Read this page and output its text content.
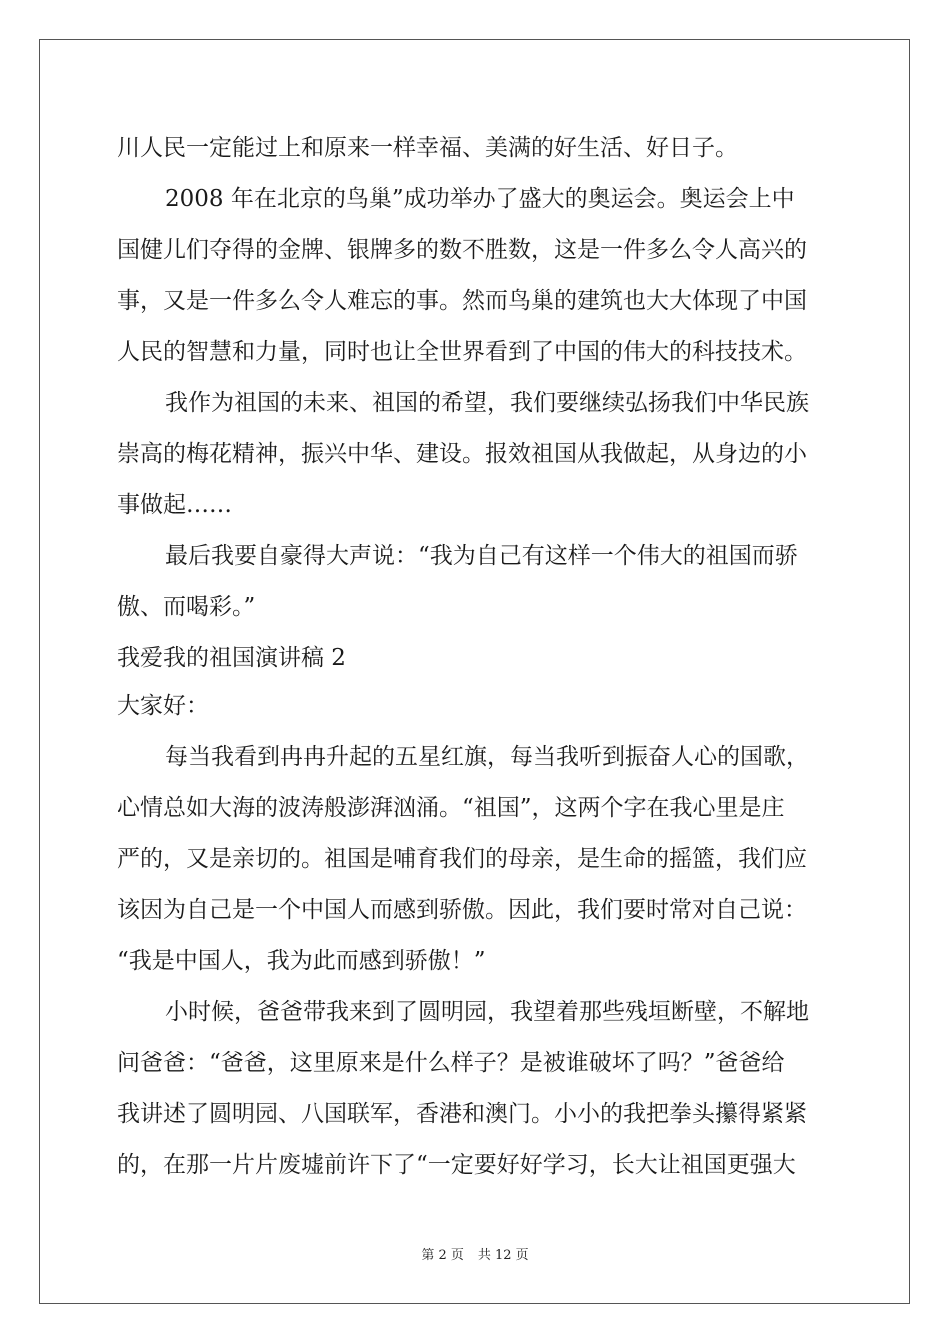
川人民一定能过上和原来一样幸福、美满的好生活、好日子。
2008 年在北京的鸟巢”成功举办了盛大的奥运会。奥运会上中
国健儿们夺得的金牌、银牌多的数不胜数，这是一件多么令人高兴的
事，又是一件多么令人难忘的事。然而鸟巢的建筑也大大体现了中国
人民的智慧和力量，同时也让全世界看到了中国的伟大的科技技术。
我作为祖国的未来、祖国的希望，我们要继续弘扬我们中华民族
崇高的梅花精神，振兴中华、建设。报效祖国从我做起，从身边的小
事做起……
最后我要自豪得大声说：“我为自己有这样一个伟大的祖国而骄
傲、而喝彩。”
我爱我的祖国演讲稿 2
大家好：
每当我看到冉冉升起的五星红旗，每当我听到振奋人心的国歌，
心情总如大海的波涛般澎湃汹涌。“祖国”，这两个字在我心里是庄
严的，又是亲切的。祖国是哺育我们的母亲，是生命的摇篮，我们应
该因为自己是一个中国人而感到骄傲。因此，我们要时常对自己说：
“我是中国人，我为此而感到骄傲！”
小时候，爸爸带我来到了圆明园，我望着那些残垣断壁，不解地
问爸爸：“爸爸，这里原来是什么样子？是被谁破坏了吗？”爸爸给
我讲述了圆明园、八国联军，香港和澳门。小小的我把拳头攥得紧紧
的，在那一片片废墟前许下了“一定要好好学习，长大让祖国更强大
第 2 页 共 12 页
